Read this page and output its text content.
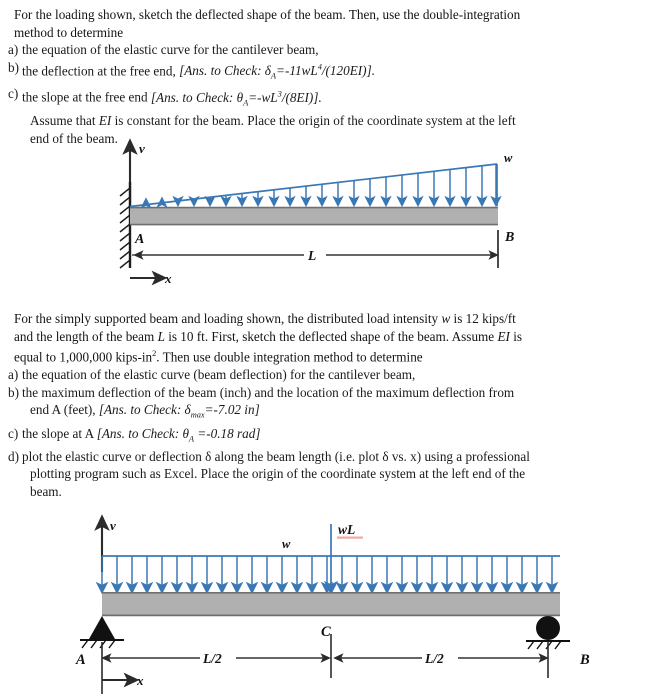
For the loading shown, sketch the deflected shape of the beam. Then, use the double-integration
method to determine
a) the equation of the elastic curve for the cantilever beam,
b) the deflection at the free end, [Ans. to Check: $\delta_A=-11wL^4/(120EI)$].
c) the slope at the free end [Ans. to Check: $\theta_A=-wL^3/(8EI)$].
Assume that EI is constant for the beam. Place the origin of the coordinate system at the left
end of the beam.
v
w
A	B
L
x
For the simply supported beam and loading shown, the distributed load intensity w is 12 kips/ft
and the length of the beam L is 10 ft. First, sketch the deflected shape of the beam. Assume EI is
equal to 1,000,000 kips-$in^2$. Then use double integration method to determine
a) the equation of the elastic curve (beam deflection) for the cantilever beam,
b) the maximum deflection of the beam (inch) and the location of the maximum deflection from
end A (feet), [Ans. to Check: $\delta_{max}=-7.02$ in]
c) the slope at A [Ans. to Check: $\theta_A =-0.18$ rad]
d) plot the elastic curve or deflection δ along the beam length (i.e. plot δ vs. x) using a professional
plotting program such as Excel. Place the origin of the coordinate system at the left end of the
beam.
v
w
wL
C
A	B
L/2	L/2
x
